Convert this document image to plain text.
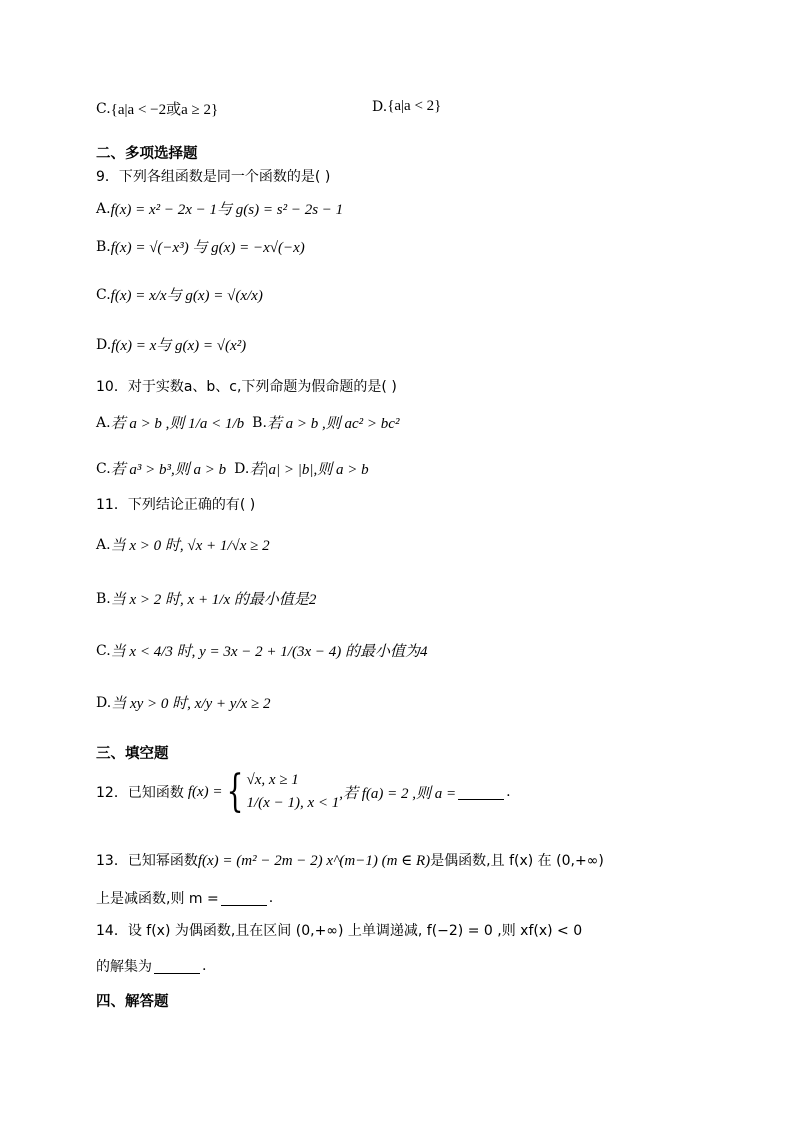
C. {a|a < −2或a ≥ 2}	D. {a|a < 2}
二、多项选择题
9．下列各组函数是同一个函数的是( )
A. f(x) = x² − 2x − 1与 g(s) = s² − 2s − 1
B. f(x) = √(−x³) 与 g(x) = −x√(−x)
C. f(x) = x/x与 g(x) = √(x/x)
D. f(x) = x与 g(x) = √(x²)
10．对于实数a、b、c,下列命题为假命题的是( )
A. 若 a > b ,则 1/a < 1/b B. 若 a > b ,则 ac² > bc²
C. 若 a³ > b³,则 a > b D. 若|a| > |b|,则 a > b
11．下列结论正确的有( )
A. 当 x > 0 时, √x + 1/√x ≥ 2
B. 当 x > 2 时, x + 1/x 的最小值是2
C. 当 x < 4/3 时, y = 3x − 2 + 1/(3x − 4) 的最小值为4
D. 当 xy > 0 时, x/y + y/x ≥ 2
三、填空题
12．已知函数 f(x) = { √x, x ≥ 1
1/(x − 1), x < 1
,若 f(a) = 2 ,则 a =	.
13．已知幂函数 f(x) = (m² − 2m − 2) x^(m−1) (m ∈ R) 是偶函数,且 f(x) 在 (0,+∞)
上是减函数,则 m =	.
14．设 f(x) 为偶函数,且在区间 (0,+∞) 上单调递减, f(−2) = 0 ,则 xf(x) < 0
的解集为	.
四、解答题
